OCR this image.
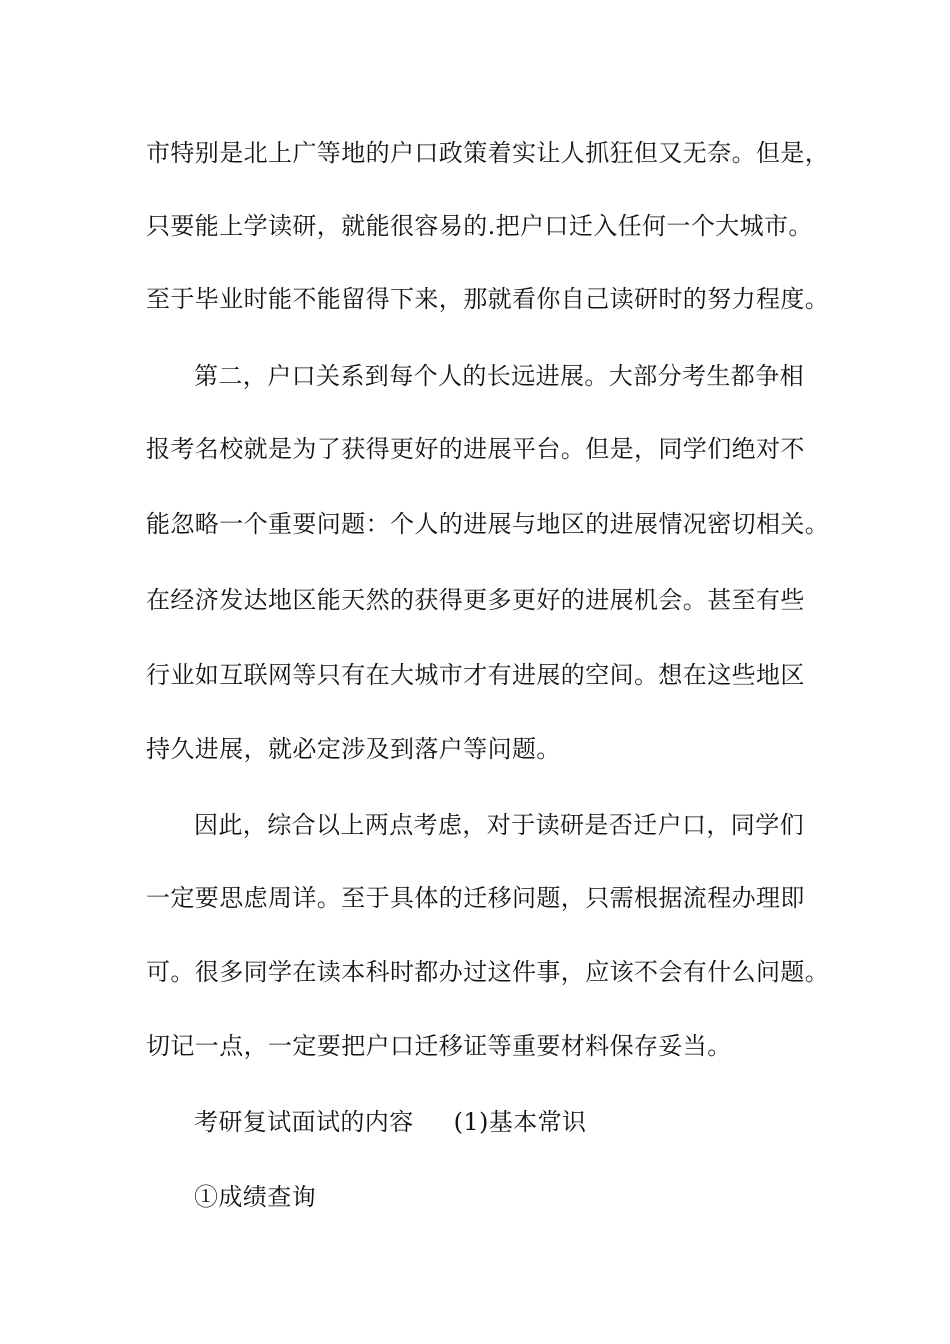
市特别是北上广等地的户口政策着实让人抓狂但又无奈。但是，
只要能上学读研，就能很容易的.把户口迁入任何一个大城市。
至于毕业时能不能留得下来，那就看你自己读研时的努力程度。
第二，户口关系到每个人的长远进展。大部分考生都争相
报考名校就是为了获得更好的进展平台。但是，同学们绝对不
能忽略一个重要问题：个人的进展与地区的进展情况密切相关。
在经济发达地区能天然的获得更多更好的进展机会。甚至有些
行业如互联网等只有在大城市才有进展的空间。想在这些地区
持久进展，就必定涉及到落户等问题。
因此，综合以上两点考虑，对于读研是否迁户口，同学们
一定要思虑周详。至于具体的迁移问题，只需根据流程办理即
可。很多同学在读本科时都办过这件事，应该不会有什么问题。
切记一点，一定要把户口迁移证等重要材料保存妥当。
考研复试面试的内容 (1)基本常识
①成绩查询
